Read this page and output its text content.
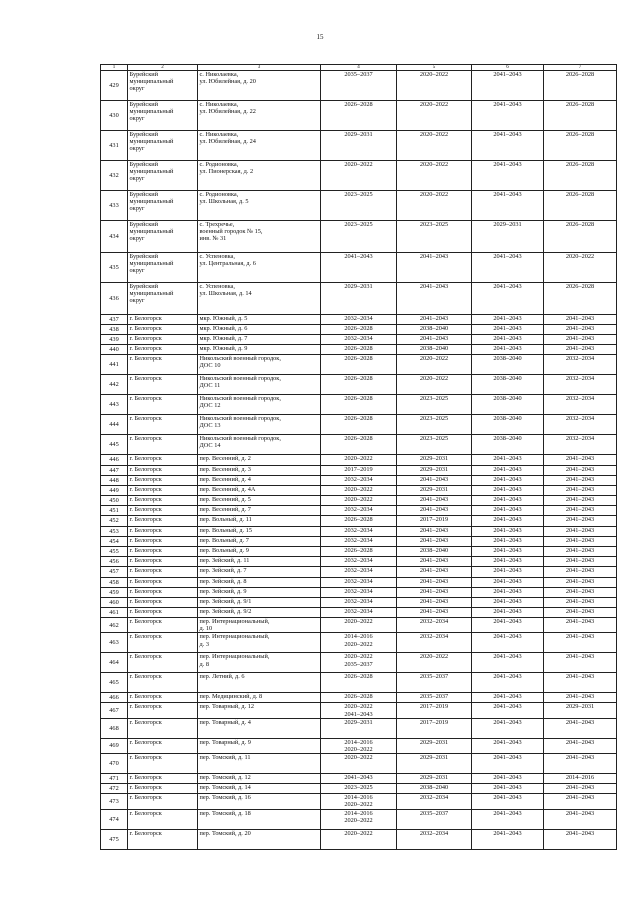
15
1	2	3	4	5	6	7
429	Бурейский
муниципальный
округ	с. Николаевка,
ул. Юбилейная, д. 20	2035–2037	2020–2022	2041–2043	2026–2028
430	Бурейский
муниципальный
округ	с. Николаевка,
ул. Юбилейная, д. 22	2026–2028	2020–2022	2041–2043	2026–2028
431	Бурейский
муниципальный
округ	с. Николаевка,
ул. Юбилейная, д. 24	2029–2031	2020–2022	2041–2043	2026–2028
432	Бурейский
муниципальный
округ	с. Родионовка,
ул. Пионерская, д. 2	2020–2022	2020–2022	2041–2043	2026–2028
433	Бурейский
муниципальный
округ	с. Родионовка,
ул. Школьная, д. 5	2023–2025	2020–2022	2041–2043	2026–2028
434	Бурейский
муниципальный
округ	с. Трехречье,
военный городок № 15,
инв. № 31	2023–2025	2023–2025	2029–2031	2026–2028
435	Бурейский
муниципальный
округ	с. Успеновка,
ул. Центральная, д. 6	2041–2043	2041–2043	2041–2043	2020–2022
436	Бурейский
муниципальный
округ	с. Успеновка,
ул. Школьная, д. 14	2029–2031	2041–2043	2041–2043	2026–2028
437	г. Белогорск	мкр. Южный, д. 5	2032–2034	2041–2043	2041–2043	2041–2043
438	г. Белогорск	мкр. Южный, д. 6	2026–2028	2038–2040	2041–2043	2041–2043
439	г. Белогорск	мкр. Южный, д. 7	2032–2034	2041–2043	2041–2043	2041–2043
440	г. Белогорск	мкр. Южный, д. 9	2026–2028	2038–2040	2041–2043	2041–2043
441	г. Белогорск	Никольский военный городок,
ДОС 10	2026–2028	2020–2022	2038–2040	2032–2034
442	г. Белогорск	Никольский военный городок,
ДОС 11	2026–2028	2020–2022	2038–2040	2032–2034
443	г. Белогорск	Никольский военный городок,
ДОС 12	2026–2028	2023–2025	2038–2040	2032–2034
444	г. Белогорск	Никольский военный городок,
ДОС 13	2026–2028	2023–2025	2038–2040	2032–2034
445	г. Белогорск	Никольский военный городок,
ДОС 14	2026–2028	2023–2025	2038–2040	2032–2034
446	г. Белогорск	пер. Весенний, д. 2	2020–2022	2029–2031	2041–2043	2041–2043
447	г. Белогорск	пер. Весенний, д. 3	2017–2019	2029–2031	2041–2043	2041–2043
448	г. Белогорск	пер. Весенний, д. 4	2032–2034	2041–2043	2041–2043	2041–2043
449	г. Белогорск	пер. Весенний, д. 4А	2020–2022	2029–2031	2041–2043	2041–2043
450	г. Белогорск	пер. Весенний, д. 5	2020–2022	2041–2043	2041–2043	2041–2043
451	г. Белогорск	пер. Весенний, д. 7	2032–2034	2041–2043	2041–2043	2041–2043
452	г. Белогорск	пер. Вольный, д. 11	2026–2028	2017–2019	2041–2043	2041–2043
453	г. Белогорск	пер. Вольный, д. 15	2032–2034	2041–2043	2041–2043	2041–2043
454	г. Белогорск	пер. Вольный, д. 7	2032–2034	2041–2043	2041–2043	2041–2043
455	г. Белогорск	пер. Вольный, д. 9	2026–2028	2038–2040	2041–2043	2041–2043
456	г. Белогорск	пер. Зейский, д. 11	2032–2034	2041–2043	2041–2043	2041–2043
457	г. Белогорск	пер. Зейский, д. 7	2032–2034	2041–2043	2041–2043	2041–2043
458	г. Белогорск	пер. Зейский, д. 8	2032–2034	2041–2043	2041–2043	2041–2043
459	г. Белогорск	пер. Зейский, д. 9	2032–2034	2041–2043	2041–2043	2041–2043
460	г. Белогорск	пер. Зейский, д. 9/1	2032–2034	2041–2043	2041–2043	2041–2043
461	г. Белогорск	пер. Зейский, д. 9/2	2032–2034	2041–2043	2041–2043	2041–2043
462	г. Белогорск	пер. Интернациональный,
д. 10	2020–2022	2032–2034	2041–2043	2041–2043
463	г. Белогорск	пер. Интернациональный,
д. 3	2014–2016
2020–2022	2032–2034	2041–2043	2041–2043
464	г. Белогорск	пер. Интернациональный,
д. 8	2020–2022
2035–2037	2020–2022	2041–2043	2041–2043
465	г. Белогорск	пер. Летний, д. 6	2026–2028	2035–2037	2041–2043	2041–2043
466	г. Белогорск	пер. Медицинский, д. 8	2026–2028	2035–2037	2041–2043	2041–2043
467	г. Белогорск	пер. Товарный, д. 12	2020–2022
2041–2043	2017–2019	2041–2043	2029–2031
468	г. Белогорск	пер. Товарный, д. 4	2029–2031	2017–2019	2041–2043	2041–2043
469	г. Белогорск	пер. Товарный, д. 9	2014–2016
2020–2022	2029–2031	2041–2043	2041–2043
470	г. Белогорск	пер. Томский, д. 11	2020–2022	2029–2031	2041–2043	2041–2043
471	г. Белогорск	пер. Томский, д. 12	2041–2043	2029–2031	2041–2043	2014–2016
472	г. Белогорск	пер. Томский, д. 14	2023–2025	2038–2040	2041–2043	2041–2043
473	г. Белогорск	пер. Томский, д. 16	2014–2016
2020–2022	2032–2034	2041–2043	2041–2043
474	г. Белогорск	пер. Томский, д. 18	2014–2016
2020–2022	2035–2037	2041–2043	2041–2043
475	г. Белогорск	пер. Томский, д. 20	2020–2022	2032–2034	2041–2043	2041–2043
